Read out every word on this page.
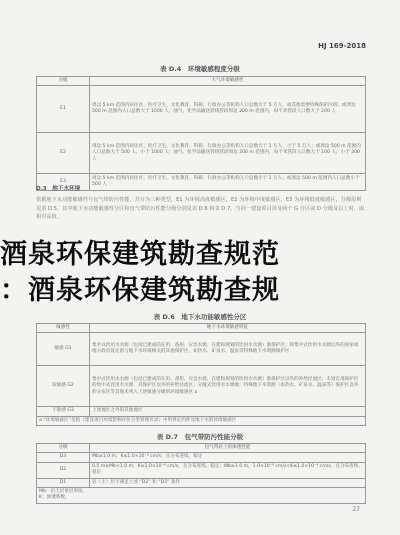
HJ 169-2018
表 D.4　环境敏感程度分级
分级	大气环境敏感性
E1	周边 5 km 范围内居住区、医疗卫生、文化教育、科研、行政办公等机构人口总数大于 5 万人，或其他需要特殊保护区域；或周边 500 m 范围内人口总数大于 1000 人；油气、化学品输送管线管段周边 200 m 范围内，每千米管段人口数大于 200 人
E2	周边 5 km 范围内居住区、医疗卫生、文化教育、科研、行政办公等机构人口总数大于 1 万人，小于 5 万人；或周边 500 m 范围内人口总数大于 500 人，小于 1000 人；油气、化学品输送管线管段周边 200 m 范围内，每千米管段人口数大于 100 人，小于 200 人
E3	周边 5 km 范围内居住区、医疗卫生、文化教育、科研、行政办公等机构人口总数小于 1 万人；或周边 500 m 范围内人口总数小于 500 人
D.3　地下水环境
依据地下水功能敏感性与包气带防污性能，共分为三种类型，E1 为环境高度敏感区，E2 为环境中度敏感区，E3 为环境低度敏感区，分级原则见表 D.5。其中地下水功能敏感性分区和包气带防污性能分级分别见表 D.6 和表 D.7。当同一建设项目涉及两个 G 分区或 D 分级及以上时，取相对高值。
表 D.6　地下水功能敏感性分区
敏感性	地下水环境敏感特征
敏感 G1	集中式饮用水水源（包括已建成的在用、备用、应急水源，在建和规划的饮用水水源）准保护区；除集中式饮用水水源以外的国家或地方政府设定的与地下水环境相关的其他保护区，如热水、矿泉水、温泉等特殊地下水资源保护区
较敏感 G2	集中式饮用水水源（包括已建成的在用、备用、应急水源，在建和规划的饮用水水源）准保护区以外的补给径流区；未划定准保护区的集中式饮用水水源，其保护区以外的补给径流区；分散式饮用水水源地；特殊地下水资源（如热水、矿泉水、温泉等）保护区以外的分布区等其他未列入上述敏感分级的环境敏感区 a
不敏感 G3	上述地区之外的其他地区
a “环境敏感区”是指《建设项目环境影响评价分类管理名录》中所界定的涉及地下水的环境敏感区	
表 D.7　包气带防污性能分级
分级	包气带岩土的渗透性能
D3	Mb≥1.0 m，K≤1.0×10⁻⁶ cm/s，且分布连续、稳定
D2	0.5 m≤Mb<1.0 m，K≤1.0×10⁻⁶ cm/s，且分布连续、稳定；Mb≥1.0 m，1.0×10⁻⁶ cm/s<K≤1.0×10⁻⁴ cm/s，且分布连续、稳定
D1	岩（土）层不满足上述 “D2” 和 “D3” 条件

Mb：岩土层单层厚度。
K：渗透系数。	
27
酒泉环保建筑勘查规范
：酒泉环保建筑勘查规
